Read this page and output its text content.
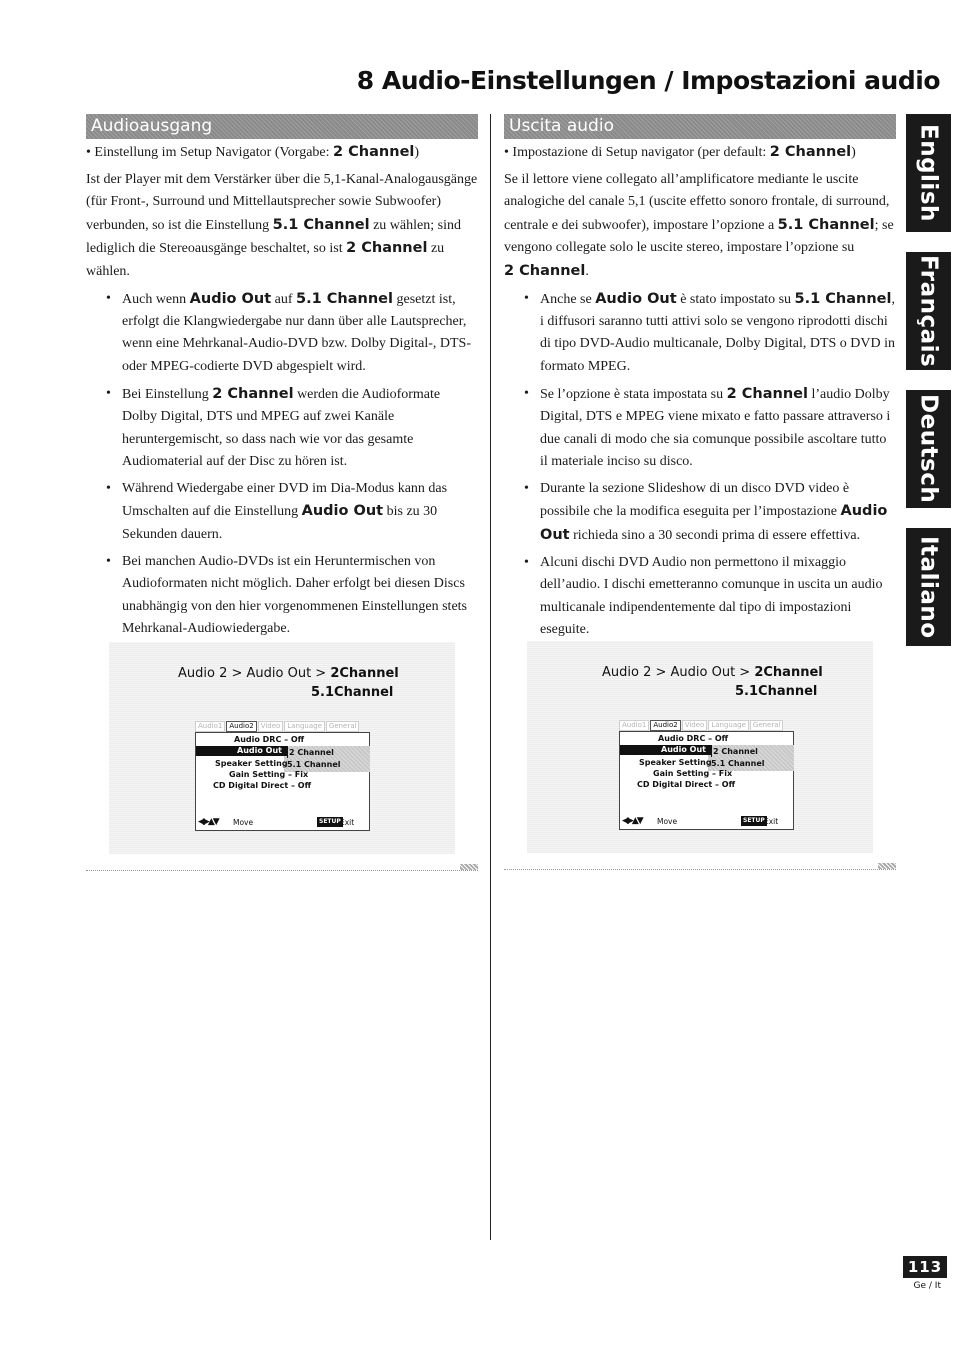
8 Audio-Einstellungen / Impostazioni audio
Audioausgang

• Einstellung im Setup Navigator (Vorgabe: 2 Channel)

Ist der Player mit dem Verstärker über die 5,1-Kanal-Analogausgänge (für Front-, Surround und Mittellautsprecher sowie Subwoofer) verbunden, so ist die Einstellung 5.1 Channel zu wählen; sind lediglich die Stereoausgänge beschaltet, so ist 2 Channel zu wählen.

• Auch wenn Audio Out auf 5.1 Channel gesetzt ist, erfolgt die Klangwiedergabe nur dann über alle Lautsprecher, wenn eine Mehrkanal-Audio-DVD bzw. Dolby Digital-, DTS- oder MPEG-codierte DVD abgespielt wird.
• Bei Einstellung 2 Channel werden die Audioformate Dolby Digital, DTS und MPEG auf zwei Kanäle heruntergemischt, so dass nach wie vor das gesamte Audiomaterial auf der Disc zu hören ist.
• Während Wiedergabe einer DVD im Dia-Modus kann das Umschalten auf die Einstellung Audio Out bis zu 30 Sekunden dauern.
• Bei manchen Audio-DVDs ist ein Heruntermischen von Audioformaten nicht möglich. Daher erfolgt bei diesen Discs unabhängig von den hier vorgenommenen Einstellungen stets Mehrkanal-Audiowiedergabe.
Uscita audio

• Impostazione di Setup navigator (per default: 2 Channel)

Se il lettore viene collegato all’amplificatore mediante le uscite analogiche del canale 5,1 (uscite effetto sonoro frontale, di surround, centrale e dei subwoofer), impostare l’opzione a 5.1 Channel; se vengono collegate solo le uscite stereo, impostare l’opzione su
2 Channel.

• Anche se Audio Out è stato impostato su 5.1 Channel, i diffusori saranno tutti attivi solo se vengono riprodotti dischi di tipo DVD-Audio multicanale, Dolby Digital, DTS o DVD in formato MPEG.
• Se l’opzione è stata impostata su 2 Channel l’audio Dolby Digital, DTS e MPEG viene mixato e fatto passare attraverso i due canali di modo che sia comunque possibile ascoltare tutto il materiale inciso su disco.
• Durante la sezione Slideshow di un disco DVD video è possibile che la modifica eseguita per l’impostazione Audio Out richieda sino a 30 secondi prima di essere effettiva.
• Alcuni dischi DVD Audio non permettono il mixaggio dell’audio. I dischi emetteranno comunque in uscita un audio multicanale indipendentemente dal tipo di impostazioni eseguite.
Audio 2 > Audio Out > 2Channel
5.1Channel
Audio1	Audio2	Video	Language	General
2 Channel
5.1 Channel
Audio DRC – Off
Audio Out
Speaker Setting
Gain Setting – Fix
CD Digital Direct – Off
◀▶▲▼ Move	SETUP Exit
Audio 2 > Audio Out > 2Channel
5.1Channel
Audio1	Audio2	Video	Language	General
2 Channel
5.1 Channel
Audio DRC – Off
Audio Out
Speaker Setting
Gain Setting – Fix
CD Digital Direct – Off
◀▶▲▼ Move	SETUP Exit
English
Français
Deutsch
Italiano
113
Ge / It
